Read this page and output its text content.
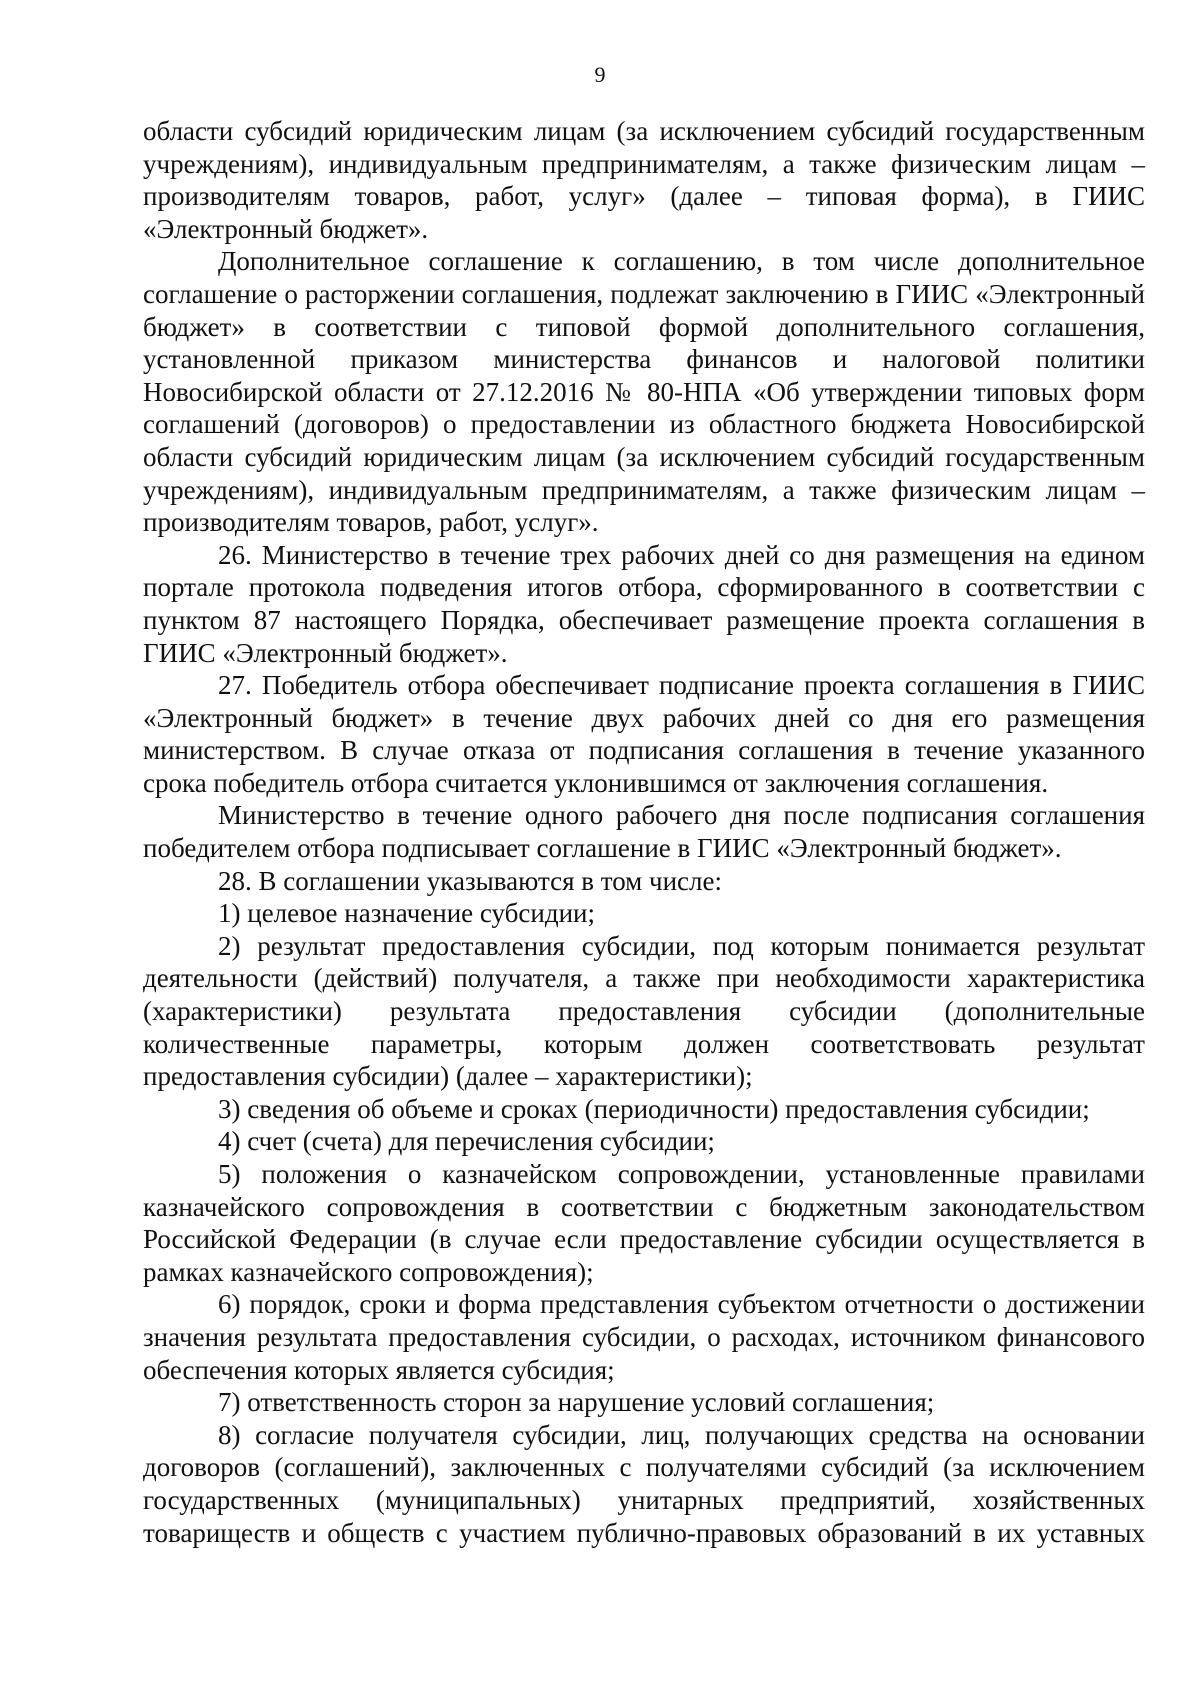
9

области субсидий юридическим лицам (за исключением субсидий государственным учреждениям), индивидуальным предпринимателям, а также физическим лицам – производителям товаров, работ, услуг» (далее – типовая форма), в ГИИС «Электронный бюджет».

Дополнительное соглашение к соглашению, в том числе дополнительное соглашение о расторжении соглашения, подлежат заключению в ГИИС «Электронный бюджет» в соответствии с типовой формой дополнительного соглашения, установленной приказом министерства финансов и налоговой политики Новосибирской области от 27.12.2016 № 80-НПА «Об утверждении типовых форм соглашений (договоров) о предоставлении из областного бюджета Новосибирской области субсидий юридическим лицам (за исключением субсидий государственным учреждениям), индивидуальным предпринимателям, а также физическим лицам – производителям товаров, работ, услуг».

26. Министерство в течение трех рабочих дней со дня размещения на едином портале протокола подведения итогов отбора, сформированного в соответствии с пунктом 87 настоящего Порядка, обеспечивает размещение проекта соглашения в ГИИС «Электронный бюджет».

27. Победитель отбора обеспечивает подписание проекта соглашения в ГИИС «Электронный бюджет» в течение двух рабочих дней со дня его размещения министерством. В случае отказа от подписания соглашения в течение указанного срока победитель отбора считается уклонившимся от заключения соглашения.

Министерство в течение одного рабочего дня после подписания соглашения победителем отбора подписывает соглашение в ГИИС «Электронный бюджет».

28. В соглашении указываются в том числе:

1) целевое назначение субсидии;

2) результат предоставления субсидии, под которым понимается результат деятельности (действий) получателя, а также при необходимости характеристика (характеристики) результата предоставления субсидии (дополнительные количественные параметры, которым должен соответствовать результат предоставления субсидии) (далее – характеристики);

3) сведения об объеме и сроках (периодичности) предоставления субсидии;

4) счет (счета) для перечисления субсидии;

5) положения о казначейском сопровождении, установленные правилами казначейского сопровождения в соответствии с бюджетным законодательством Российской Федерации (в случае если предоставление субсидии осуществляется в рамках казначейского сопровождения);

6) порядок, сроки и форма представления субъектом отчетности о достижении значения результата предоставления субсидии, о расходах, источником финансового обеспечения которых является субсидия;

7) ответственность сторон за нарушение условий соглашения;

8) согласие получателя субсидии, лиц, получающих средства на основании договоров (соглашений), заключенных с получателями субсидий (за исключением государственных (муниципальных) унитарных предприятий, хозяйственных товариществ и обществ с участием публично-правовых образований в их уставных
